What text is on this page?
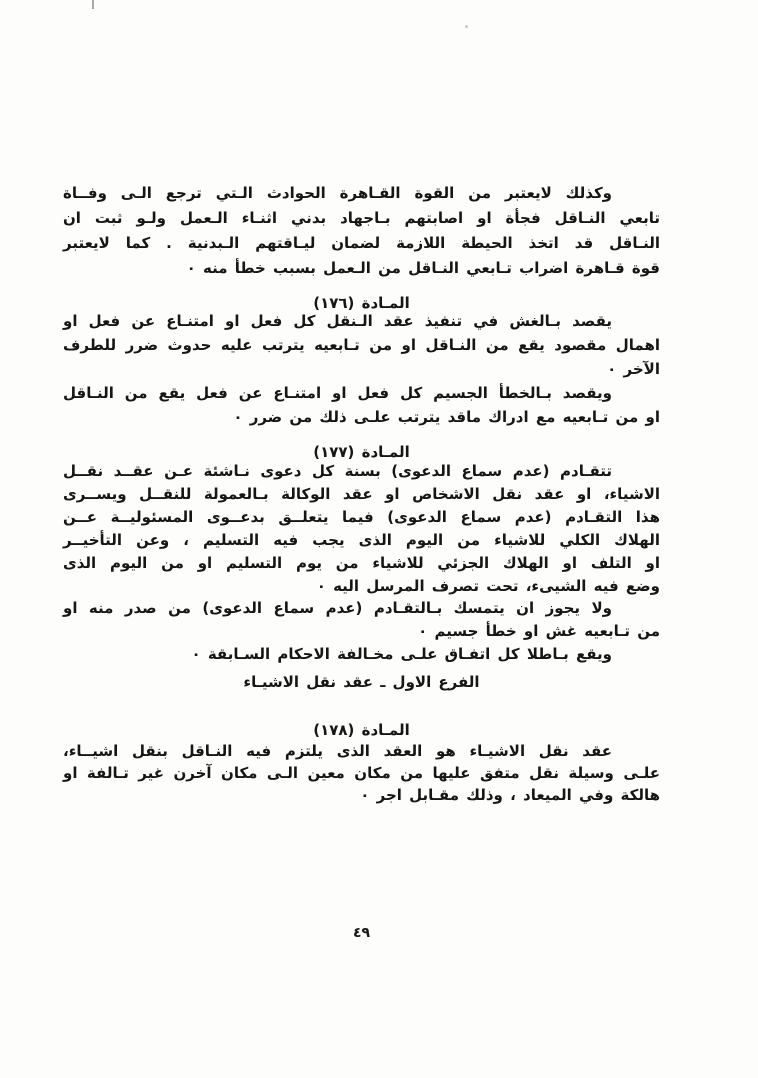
وكذلك لايعتبر من القوة القـاهرة الحوادث الـتي ترجع الـى وفــاة
تابعي النـاقل فجأة او اصابتهم بـاجهاد بدني اثنـاء الـعمل ولـو ثبت ان
النـاقل قد اتخذ الحيطة اللازمة لضمان ليـاقتهم الـبدنية . كما لايعتبر
قوة قـاهرة اضراب تـابعي النـاقل من الـعمل بسبب خطأ منه ٠

المـادة (١٧٦)

يقصد بـالغش في تنفيذ عقد الـنقل كل فعل او امتنـاع عن فعل او
اهمال مقصود يقع من النـاقل او من تـابعيه يترتب عليه حدوث ضرر للطرف
الآخر ٠

ويقصد بـالخطأ الجسيم كل فعل او امتنـاع عن فعل يقع من النـاقل
او من تـابعيه مع ادراك ماقد يترتب علـى ذلك من ضرر ٠

المـادة (١٧٧)

تتقـادم (عدم سماع الدعوى) بسنة كل دعوى نـاشئة عـن عقــد نقــل
الاشياء، او عقد نقل الاشخاص او عقد الوكالة بـالعمولة للنقــل ويســرى
هذا التقـادم (عدم سماع الدعوى) فيما يتعلــق بدعــوى المسئوليــة عــن
الهلاك الكلي للاشياء من اليوم الذى يجب فيه التسليم ، وعن التأخيــر
او التلف او الهلاك الجزئي للاشياء من يوم التسليم او من اليوم الذى
وضع فيه الشيىء، تحت تصرف المرسل اليه ٠

ولا يجوز ان يتمسك بـالتقـادم (عدم سماع الدعوى) من صدر منه او
من تـابعيه غش او خطأ جسيم ٠

ويقع بـاطلا كل اتفـاق علـى مخـالفة الاحكام السـابقة ٠

الفرع الاول ـ عقد نقل الاشيـاء
المـادة (١٧٨)

عقد نقل الاشيـاء هو العقد الذى يلتزم فيه النـاقل بنقل اشيــاء،
علـى وسيلة نقل متفق عليها من مكان معين الـى مكان آخرن غير تـالفة او
هالكة وفي الميعاد ، وذلك مقـابل اجر ٠

٤٩
